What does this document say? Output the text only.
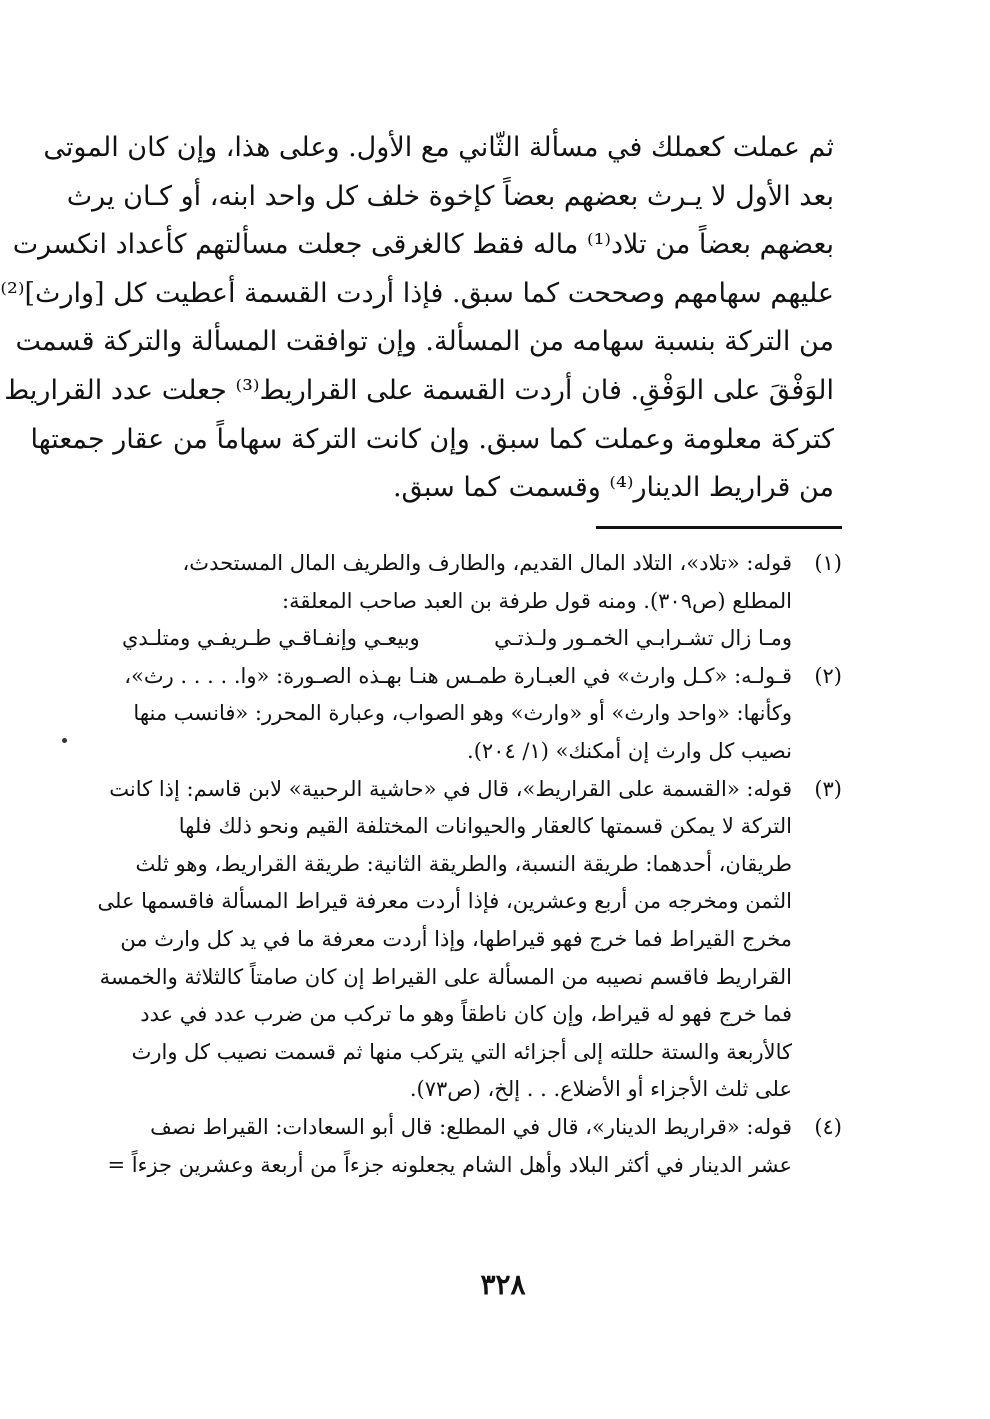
ثم عملت كعملك في مسألة الثّاني مع الأول. وعلى هذا، وإن كان الموتى
بعد الأول لا يـرث بعضهم بعضاً كإخوة خلف كل واحد ابنه، أو كـان يرث
بعضهم بعضاً من تلاد⁽¹⁾ ماله فقط كالغرقى جعلت مسألتهم كأعداد انكسرت
عليهم سهامهم وصححت كما سبق. فإذا أردت القسمة أعطيت كل [وارث]⁽²⁾
من التركة بنسبة سهامه من المسألة. وإن توافقت المسألة والتركة قسمت
الوَفْقَ على الوَفْقِ. فان أردت القسمة على القراريط⁽³⁾ جعلت عدد القراريط
كتركة معلومة وعملت كما سبق. وإن كانت التركة سهاماً من عقار جمعتها
من قراريط الدينار⁽⁴⁾ وقسمت كما سبق.
(١)
قوله: «تلاد»، التلاد المال القديم، والطارف والطريف المال المستحدث،
المطلع (ص٣٠٩). ومنه قول طرفة بن العبد صاحب المعلقة:
ومـا زال تشـرابـي الخمـور ولـذتـي
وبيعـي وإنفـاقـي طـريفـي ومتلـدي
(٢)
قـولـه: «كـل وارث» في العبـارة طمـس هنـا بهـذه الصـورة: «وا. . . . . رث»،
وكأنها: «واحد وارث» أو «وارث» وهو الصواب، وعبارة المحرر: «فانسب منها
نصيب كل وارث إن أمكنك» (١/ ٢٠٤).
(٣)
قوله: «القسمة على القراريط»، قال في «حاشية الرحبية» لابن قاسم: إذا كانت
التركة لا يمكن قسمتها كالعقار والحيوانات المختلفة القيم ونحو ذلك فلها
طريقان، أحدهما: طريقة النسبة، والطريقة الثانية: طريقة القراريط، وهو ثلث
الثمن ومخرجه من أربع وعشرين، فإذا أردت معرفة قيراط المسألة فاقسمها على
مخرج القيراط فما خرج فهو قيراطها، وإذا أردت معرفة ما في يد كل وارث من
القراريط فاقسم نصيبه من المسألة على القيراط إن كان صامتاً كالثلاثة والخمسة
فما خرج فهو له قيراط، وإن كان ناطقاً وهو ما تركب من ضرب عدد في عدد
كالأربعة والستة حللته إلى أجزائه التي يتركب منها ثم قسمت نصيب كل وارث
على ثلث الأجزاء أو الأضلاع. . . إلخ، (ص٧٣).
(٤)
قوله: «قراريط الدينار»، قال في المطلع: قال أبو السعادات: القيراط نصف
عشر الدينار في أكثر البلاد وأهل الشام يجعلونه جزءاً من أربعة وعشرين جزءاً =
٣٢٨
